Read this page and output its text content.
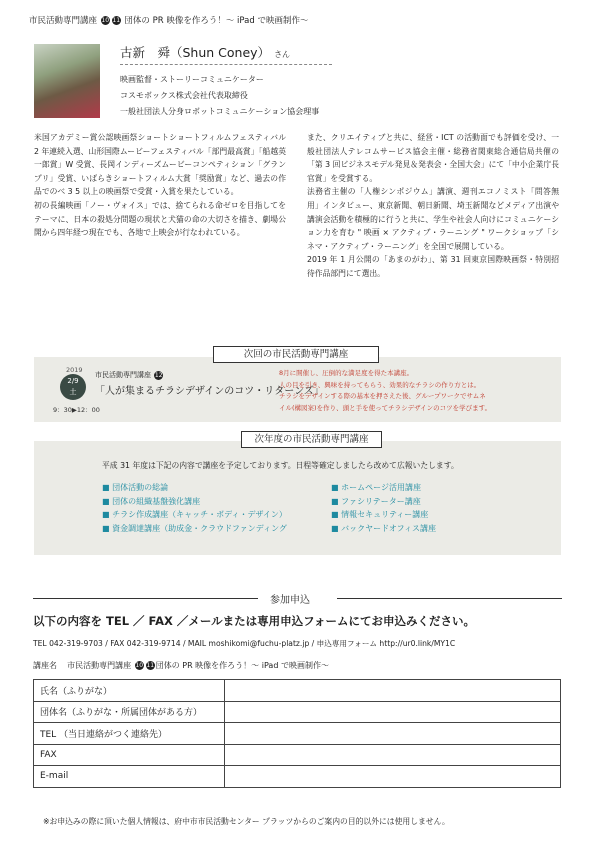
市民活動専門講座 10 11 団体の PR 映像を作ろう！～ iPad で映画制作～
古新　舜（Shun Coney） さん
映画監督・ストーリーコミュニケーター
コスモボックス株式会社代表取締役
一般社団法人分身ロボットコミュニケーション協会理事

米国アカデミー賞公認映画祭ショートショートフィルムフェスティバル 2 年連続入選、山形国際ムービーフェスティバル「部門最高賞」「船越英一郎賞」W 受賞、長岡インディーズムービーコンペティション「グランプリ」受賞、いばらきショートフィルム大賞「奨励賞」など、過去の作品でのべ 3 5 以上の映画祭で受賞・入賞を果たしている。

初の長編映画「ノー・ヴォイス」では、捨てられる命ゼロを目指してをテーマに、日本の殺処分問題の現状と犬猫の命の大切さを描き、劇場公開から四年経つ現在でも、各地で上映会が行なわれている。

また、クリエイティブと共に、経営・ICT の活動面でも評価を受け、一般社団法人テレコムサービス協会主催・総務省関東総合通信局共催の「第 3 回ビジネスモデル発見＆発表会・全国大会」にて「中小企業庁長官賞」を受賞する。

法務省主催の「人権シンポジウム」講演、週刊エコノミスト「問答無用」インタビュー、東京新聞、朝日新聞、埼玉新聞などメディア出演や講演会活動を積極的に行うと共に、学生や社会人向けにコミュニケーション力を育む " 映画 × アクティブ・ラーニング " ワークショップ「シネマ・アクティブ・ラーニング」を全国で展開している。

2019 年 1 月公開の「あまのがわ」、第 31 回東京国際映画祭・特別招待作品部門にて選出。

次回の市民活動専門講座
2019
2/9
土
9：30▶12：00
市民活動専門講座 12
「人が集まるチラシデザインのコツ・リターンズ」
8月に開催し、圧倒的な満足度を得た本講座。
人の目を引き、興味を持ってもらう、効果的なチラシの作り方とは。
チラシをデザインする際の基本を押さえた後、グループワークでサムネ
イル(構図案)を作り、頭と手を使ってチラシデザインのコツを学びます。
次年度の市民活動専門講座
平成 31 年度は下記の内容で講座を予定しております。日程等確定しましたら改めて広報いたします。
■ 団体活動の総論
■ 団体の組織基盤強化講座
■ チラシ作成講座（キャッチ・ボディ・デザイン）
■ 資金調達講座（助成金・クラウドファンディング
■ ホームページ活用講座
■ ファシリテーター講座
■ 情報セキュリティー講座
■ バックヤードオフィス講座
参加申込
以下の内容を TEL ／ FAX ／メールまたは専用申込フォームにてお申込みください。
TEL 042-319-9703 / FAX 042-319-9714 / MAIL moshikomi@fuchu-platz.jp / 申込専用フォーム http://ur0.link/MY1C
講座名 市民活動専門講座 10 11 団体の PR 映像を作ろう！～ iPad で映画制作～
氏名（ふりがな）	
団体名（ふりがな・所属団体がある方）	
TEL （当日連絡がつく連絡先）	
FAX	
E-mail	
※お申込みの際に頂いた個人情報は、府中市市民活動センター プラッツからのご案内の目的以外には使用しません。
